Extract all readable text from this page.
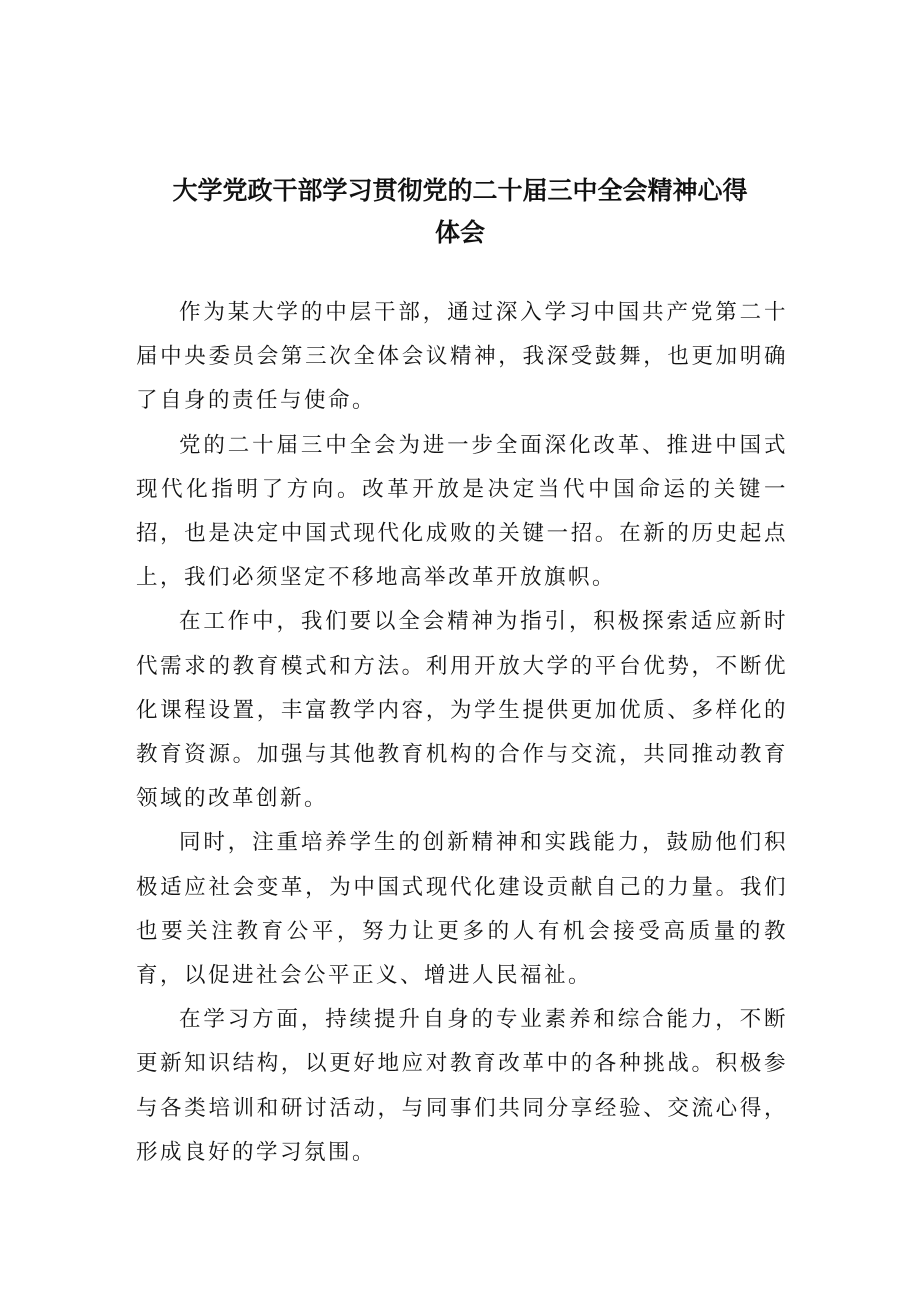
大学党政干部学习贯彻党的二十届三中全会精神心得
体会

作为某大学的中层干部，通过深入学习中国共产党第二十届中央委员会第三次全体会议精神，我深受鼓舞，也更加明确了自身的责任与使命。

党的二十届三中全会为进一步全面深化改革、推进中国式现代化指明了方向。改革开放是决定当代中国命运的关键一招，也是决定中国式现代化成败的关键一招。在新的历史起点上，我们必须坚定不移地高举改革开放旗帜。

在工作中，我们要以全会精神为指引，积极探索适应新时代需求的教育模式和方法。利用开放大学的平台优势，不断优化课程设置，丰富教学内容，为学生提供更加优质、多样化的教育资源。加强与其他教育机构的合作与交流，共同推动教育领域的改革创新。

同时，注重培养学生的创新精神和实践能力，鼓励他们积极适应社会变革，为中国式现代化建设贡献自己的力量。我们也要关注教育公平，努力让更多的人有机会接受高质量的教育，以促进社会公平正义、增进人民福祉。

在学习方面，持续提升自身的专业素养和综合能力，不断更新知识结构，以更好地应对教育改革中的各种挑战。积极参与各类培训和研讨活动，与同事们共同分享经验、交流心得，形成良好的学习氛围。
